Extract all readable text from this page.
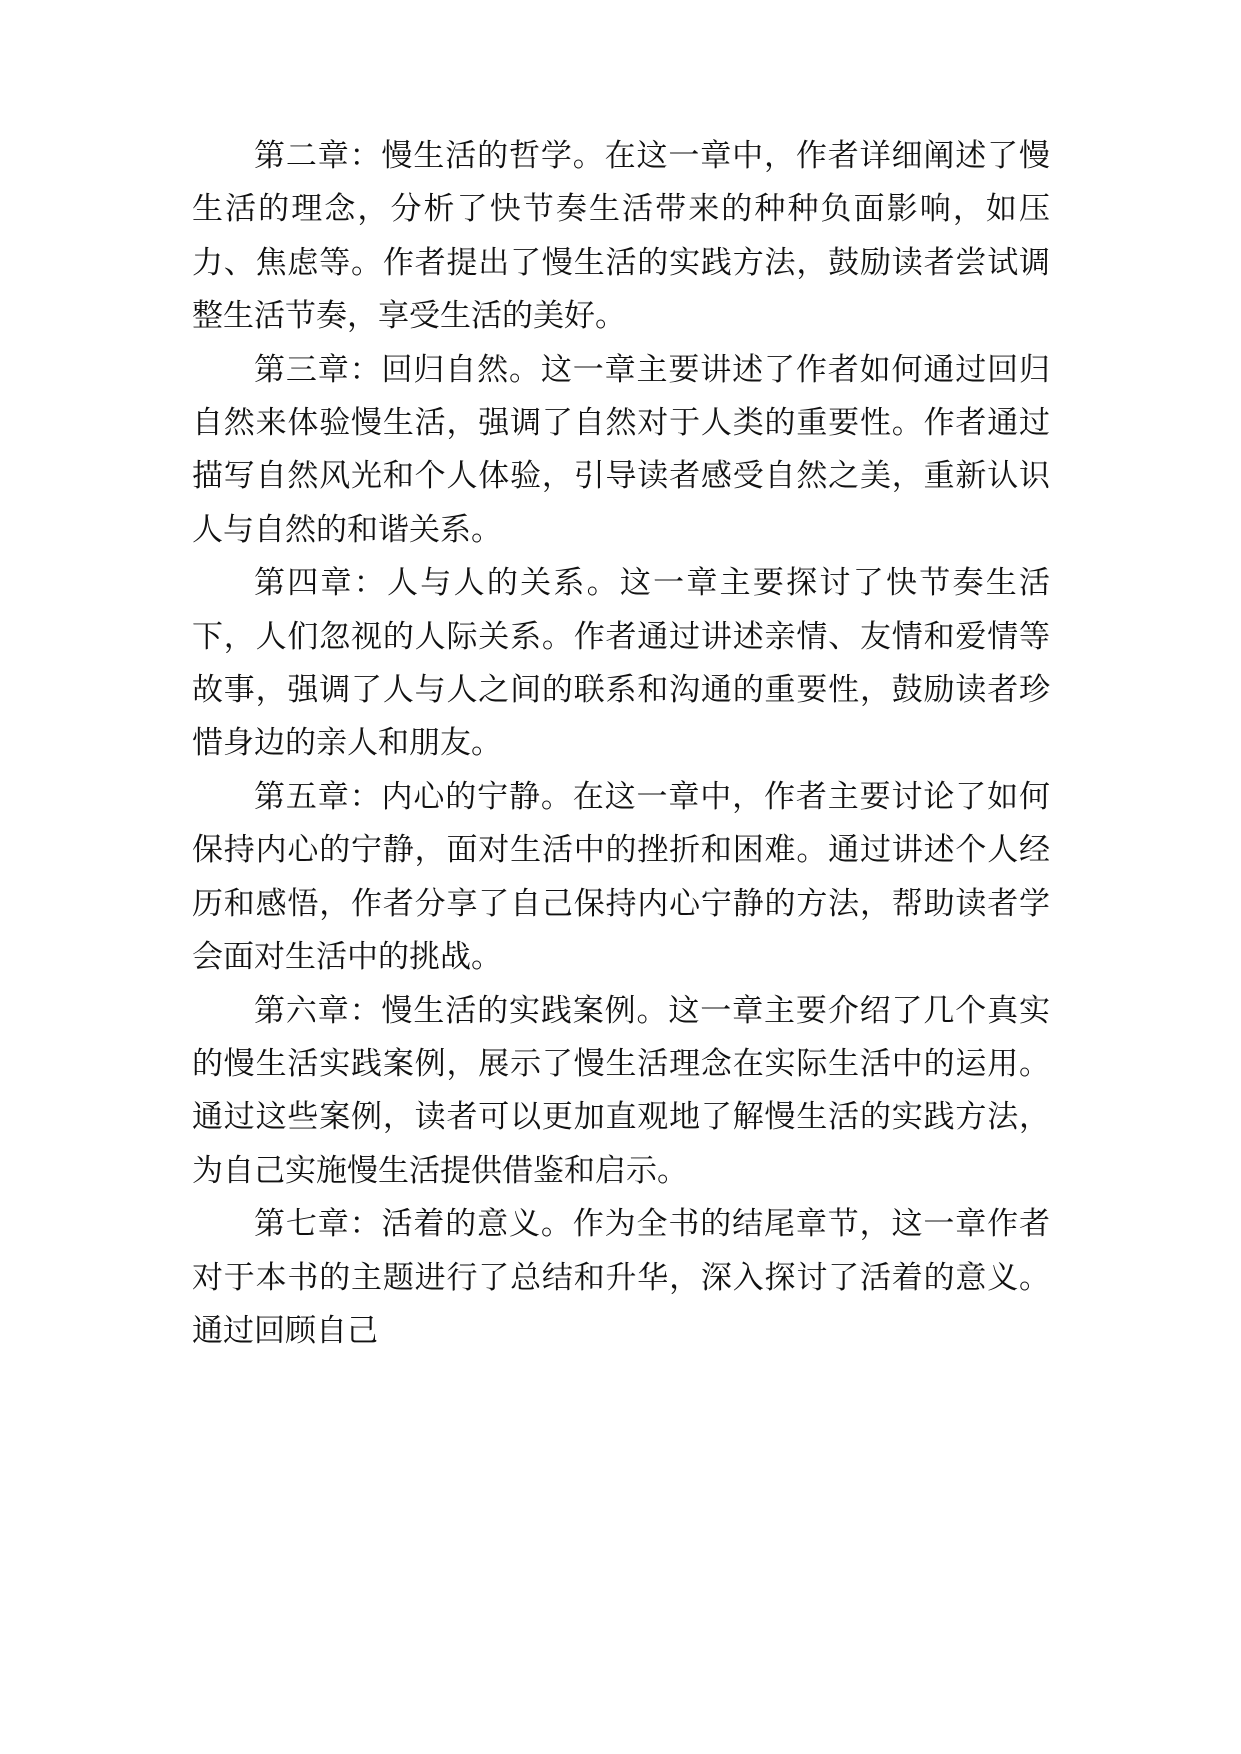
第二章：慢生活的哲学。在这一章中，作者详细阐述了慢生活的理念，分析了快节奏生活带来的种种负面影响，如压力、焦虑等。作者提出了慢生活的实践方法，鼓励读者尝试调整生活节奏，享受生活的美好。

第三章：回归自然。这一章主要讲述了作者如何通过回归自然来体验慢生活，强调了自然对于人类的重要性。作者通过描写自然风光和个人体验，引导读者感受自然之美，重新认识人与自然的和谐关系。

第四章：人与人的关系。这一章主要探讨了快节奏生活下，人们忽视的人际关系。作者通过讲述亲情、友情和爱情等故事，强调了人与人之间的联系和沟通的重要性，鼓励读者珍惜身边的亲人和朋友。

第五章：内心的宁静。在这一章中，作者主要讨论了如何保持内心的宁静，面对生活中的挫折和困难。通过讲述个人经历和感悟，作者分享了自己保持内心宁静的方法，帮助读者学会面对生活中的挑战。

第六章：慢生活的实践案例。这一章主要介绍了几个真实的慢生活实践案例，展示了慢生活理念在实际生活中的运用。通过这些案例，读者可以更加直观地了解慢生活的实践方法，为自己实施慢生活提供借鉴和启示。

第七章：活着的意义。作为全书的结尾章节，这一章作者对于本书的主题进行了总结和升华，深入探讨了活着的意义。通过回顾自己
